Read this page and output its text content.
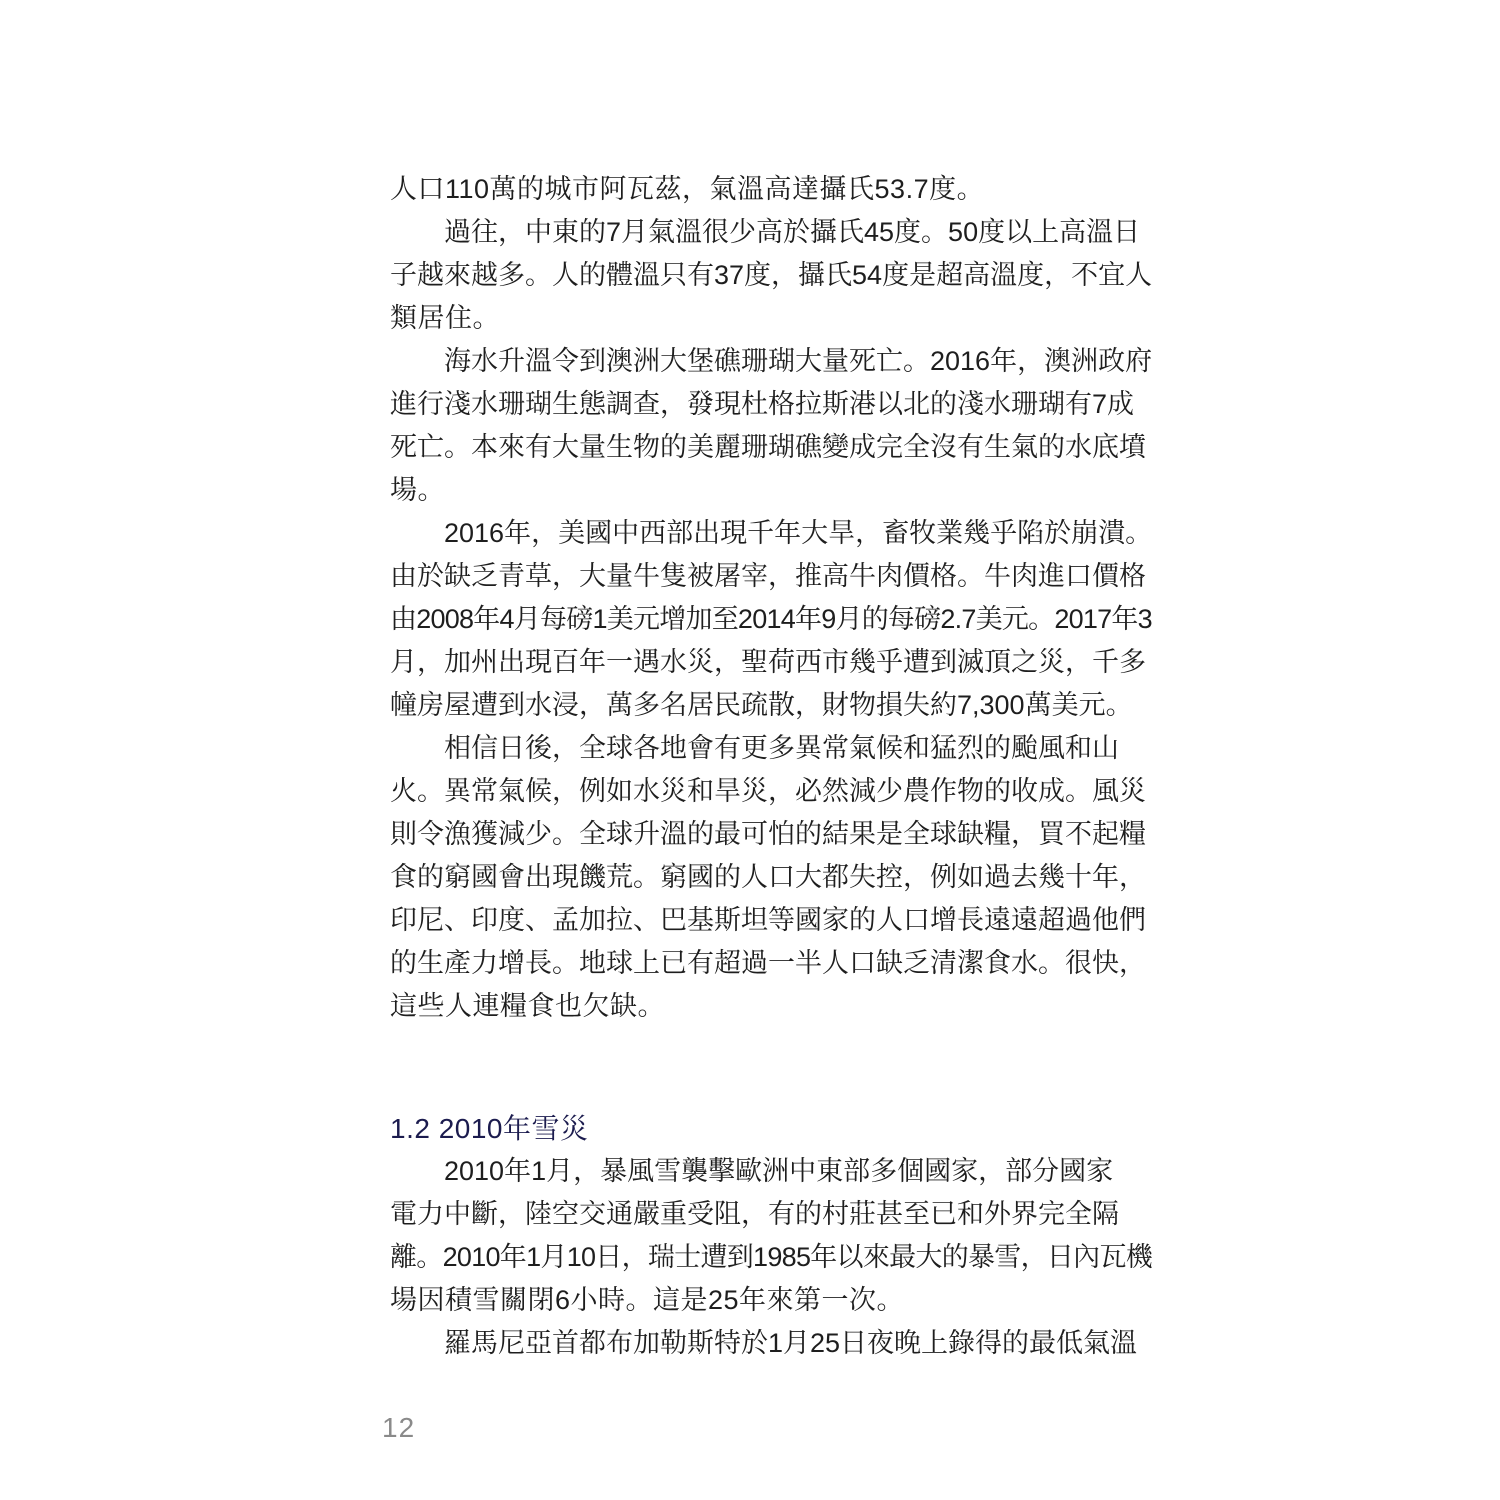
人口110萬的城市阿瓦茲，氣溫高達攝氏53.7度。
過往，中東的7月氣溫很少高於攝氏45度。50度以上高溫日
子越來越多。人的體溫只有37度，攝氏54度是超高溫度，不宜人
類居住。
海水升溫令到澳洲大堡礁珊瑚大量死亡。2016年，澳洲政府
進行淺水珊瑚生態調查，發現杜格拉斯港以北的淺水珊瑚有7成
死亡。本來有大量生物的美麗珊瑚礁變成完全沒有生氣的水底墳
場。
2016年，美國中西部出現千年大旱，畜牧業幾乎陷於崩潰。
由於缺乏青草，大量牛隻被屠宰，推高牛肉價格。牛肉進口價格
由2008年4月每磅1美元增加至2014年9月的每磅2.7美元。2017年3
月，加州出現百年一遇水災，聖荷西市幾乎遭到滅頂之災，千多
幢房屋遭到水浸，萬多名居民疏散，財物損失約7,300萬美元。
相信日後，全球各地會有更多異常氣候和猛烈的颱風和山
火。異常氣候，例如水災和旱災，必然減少農作物的收成。風災
則令漁獲減少。全球升溫的最可怕的結果是全球缺糧，買不起糧
食的窮國會出現饑荒。窮國的人口大都失控，例如過去幾十年，
印尼、印度、孟加拉、巴基斯坦等國家的人口增長遠遠超過他們
的生產力增長。地球上已有超過一半人口缺乏清潔食水。很快，
這些人連糧食也欠缺。
1.2 2010年雪災
2010年1月，暴風雪襲擊歐洲中東部多個國家，部分國家
電力中斷，陸空交通嚴重受阻，有的村莊甚至已和外界完全隔
離。2010年1月10日，瑞士遭到1985年以來最大的暴雪，日內瓦機
場因積雪關閉6小時。這是25年來第一次。
羅馬尼亞首都布加勒斯特於1月25日夜晚上錄得的最低氣溫
12
